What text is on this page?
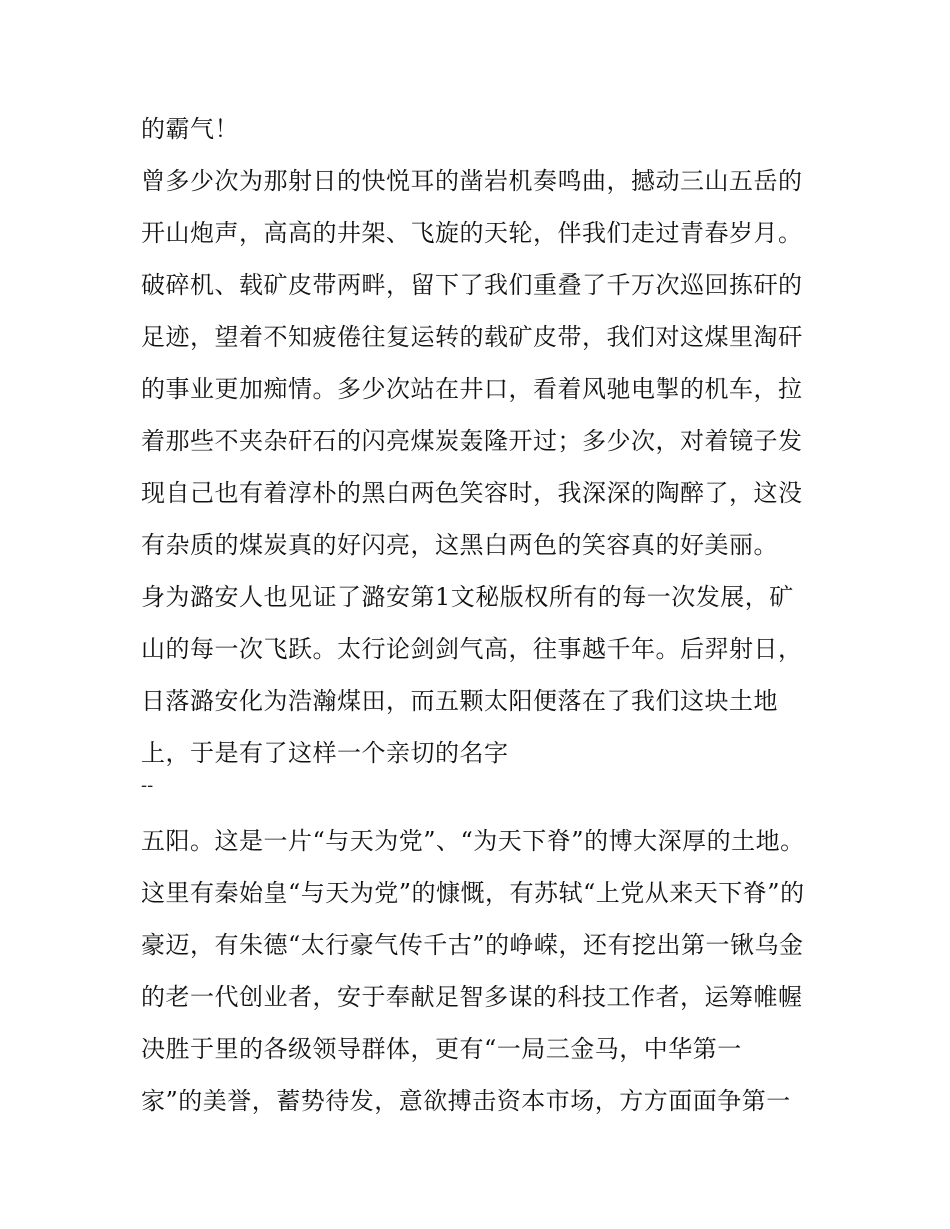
的霸气！
曾多少次为那射日的快悦耳的凿岩机奏鸣曲，撼动三山五岳的
开山炮声，高高的井架、飞旋的天轮，伴我们走过青春岁月。
破碎机、载矿皮带两畔，留下了我们重叠了千万次巡回拣矸的
足迹，望着不知疲倦往复运转的载矿皮带，我们对这煤里淘矸
的事业更加痴情。多少次站在井口，看着风驰电掣的机车，拉
着那些不夹杂矸石的闪亮煤炭轰隆开过；多少次，对着镜子发
现自己也有着淳朴的黑白两色笑容时，我深深的陶醉了，这没
有杂质的煤炭真的好闪亮，这黑白两色的笑容真的好美丽。
身为潞安人也见证了潞安第1文秘版权所有的每一次发展，矿
山的每一次飞跃。太行论剑剑气高，往事越千年。后羿射日，
日落潞安化为浩瀚煤田，而五颗太阳便落在了我们这块土地
上，于是有了这样一个亲切的名字
--
五阳。这是一片“与天为党”、“为天下脊”的博大深厚的土地。
这里有秦始皇“与天为党”的慷慨，有苏轼“上党从来天下脊”的
豪迈，有朱德“太行豪气传千古”的峥嵘，还有挖出第一锹乌金
的老一代创业者，安于奉献足智多谋的科技工作者，运筹帷幄
决胜于里的各级领导群体，更有“一局三金马，中华第一
家”的美誉，蓄势待发，意欲搏击资本市场，方方面面争第一
